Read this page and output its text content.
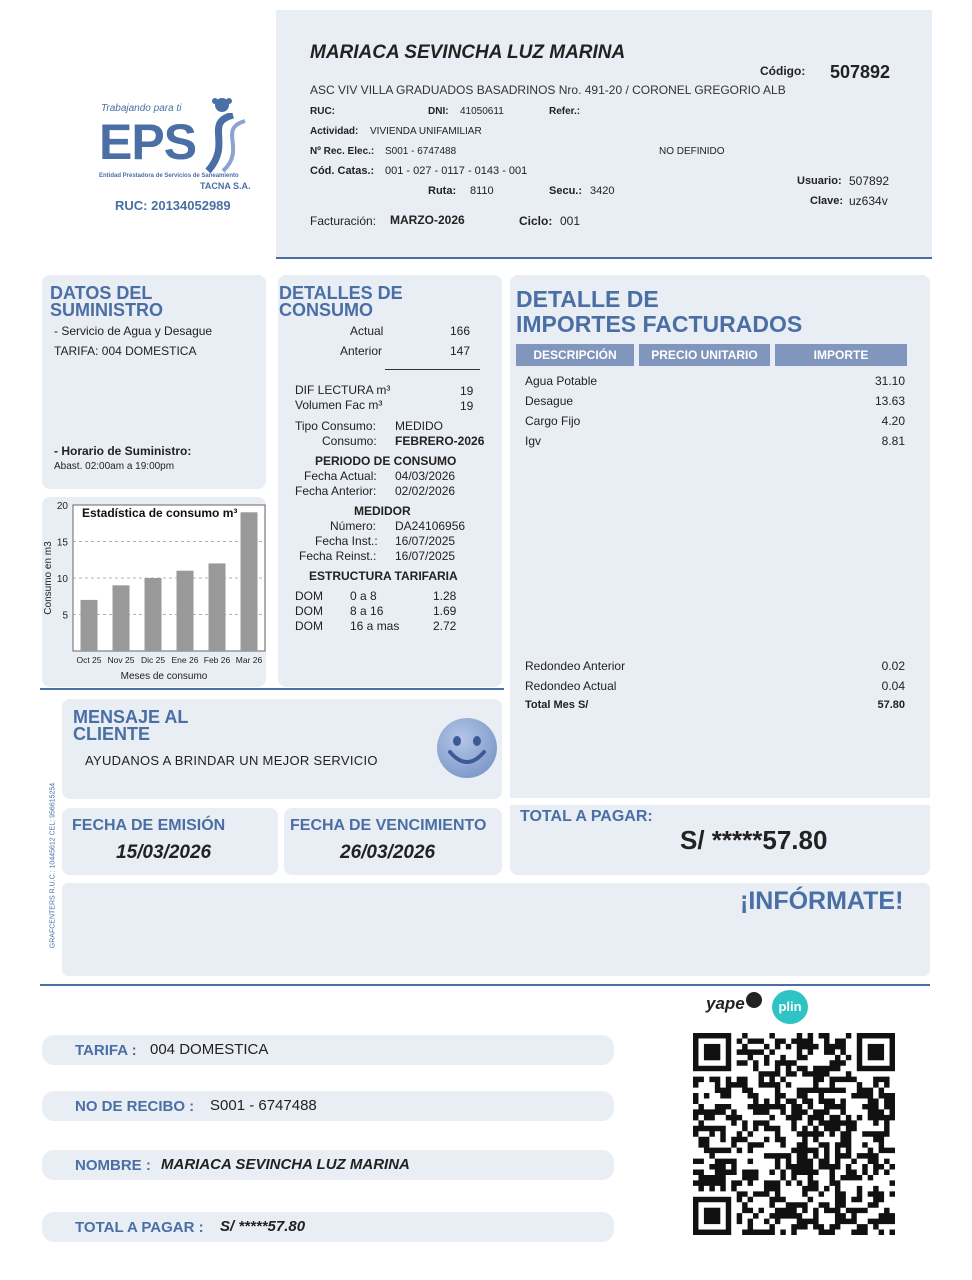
Trabajando para ti
EPS
Entidad Prestadora de Servicios de Saneamiento
TACNA S.A.
RUC: 20134052989
MARIACA SEVINCHA LUZ MARINA
Código: 507892
ASC VIV VILLA GRADUADOS BASADRINOS Nro. 491-20 / CORONEL GREGORIO ALB
RUC:	DNI: 41050611	Refer.:
Actividad: VIVIENDA UNIFAMILIAR
Nº Rec. Elec.: S001 - 6747488	NO DEFINIDO
Cód. Catas.: 001 - 027 - 0117 - 0143 - 001
Ruta: 8110	Secu.: 3420
Usuario: 507892
Clave: uz634v
Facturación: MARZO-2026	Ciclo: 001
DATOS DEL
SUMINISTRO
- Servicio de Agua y Desague
TARIFA: 004 DOMESTICA
- Horario de Suministro:
Abast. 02:00am a 19:00pm
5
10
15
20
Oct 25 Nov 25 Dic 25 Ene 26 Feb 26 Mar 26
Estadística de consumo m³
Meses de consumo
Consumo en m3
DETALLES DE
CONSUMO
Actual	166
Anterior	147
DIF LECTURA m³	19
Volumen Fac m³	19
Tipo Consumo: MEDIDO
Consumo: FEBRERO-2026
PERIODO DE CONSUMO
Fecha Actual: 04/03/2026
Fecha Anterior: 02/02/2026
MEDIDOR
Número: DA24106956
Fecha Inst.: 16/07/2025
Fecha Reinst.: 16/07/2025
ESTRUCTURA TARIFARIA
DOM 0 a 8	1.28
DOM 8 a 16	1.69
DOM 16 a mas	2.72
DETALLE DE
IMPORTES FACTURADOS
DESCRIPCIÓN	PRECIO UNITARIO	IMPORTE
Agua Potable	31.10
Desague	13.63
Cargo Fijo	4.20
Igv	8.81
Redondeo Anterior	0.02
Redondeo Actual	0.04
Total Mes S/	57.80
MENSAJE AL
CLIENTE
AYUDANOS A BRINDAR UN MEJOR SERVICIO
GRAFCENTERS R.U.C.: 10445612 CEL: 956615254 FECHA DE EMISIÓN
15/03/2026
FECHA DE VENCIMIENTO
26/03/2026
TOTAL A PAGAR:
S/ *****57.80
¡INFÓRMATE!
yape	plin
TARIFA : 004 DOMESTICA
NO DE RECIBO : S001 - 6747488
NOMBRE : MARIACA SEVINCHA LUZ MARINA
TOTAL A PAGAR : S/ *****57.80
